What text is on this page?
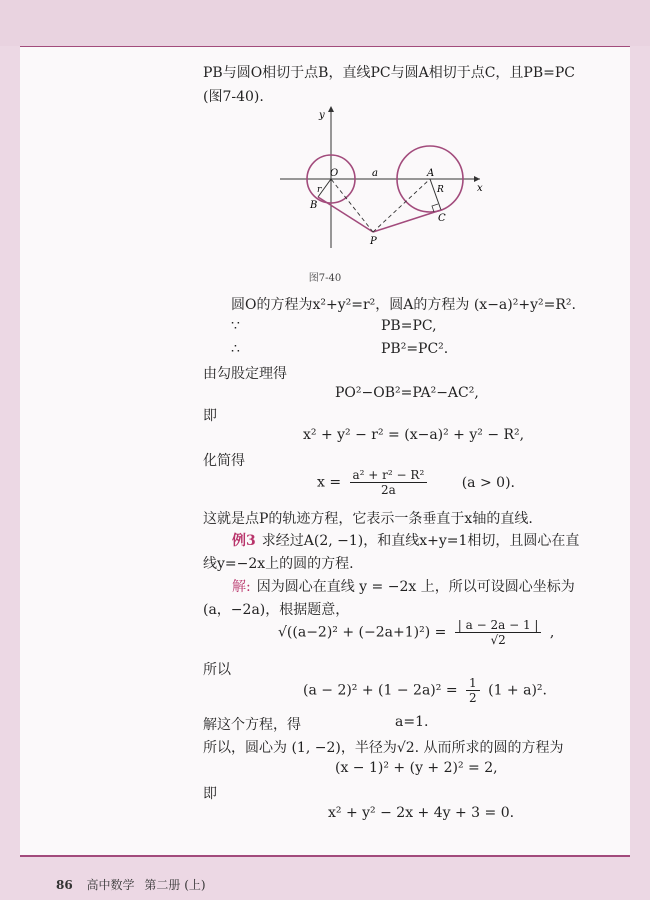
PB与圆O相切于点B，直线PC与圆A相切于点C，且PB=PC
(图7-40).
y
x
O	A
a
r	R
B
C
P
图7-40
圆O的方程为x²+y²=r²，圆A的方程为 (x−a)²+y²=R².
∵	PB=PC,
∴	PB²=PC².
由勾股定理得
PO²−OB²=PA²−AC²,
即
x² + y² − r² = (x−a)² + y² − R²,
化简得
$x = \frac{\text{a² + r² − R²}}{2a} (a > 0)$.
这就是点P的轨迹方程，它表示一条垂直于x轴的直线.
例3 求经过A(2, −1)，和直线x+y=1相切，且圆心在直
线y=−2x上的圆的方程.
解: 因为圆心在直线 y = −2x 上，所以可设圆心坐标为
(a，−2a)，根据题意，
$√((a-2)^2 + (-2a+1)^2) = \frac{| a - 2a - 1 |}{√2}$ ,
所以
$(a - 2)^2 + (1 - 2a)^2 = \frac{1}{2} (1 + a)^2$.
解这个方程，得	a=1.
所以，圆心为 (1, −2)，半径为√2. 从而所求的圆的方程为
(x − 1)² + (y + 2)² = 2,
即
x² + y² − 2x + 4y + 3 = 0.
86 高中数学 第二册 (上)
